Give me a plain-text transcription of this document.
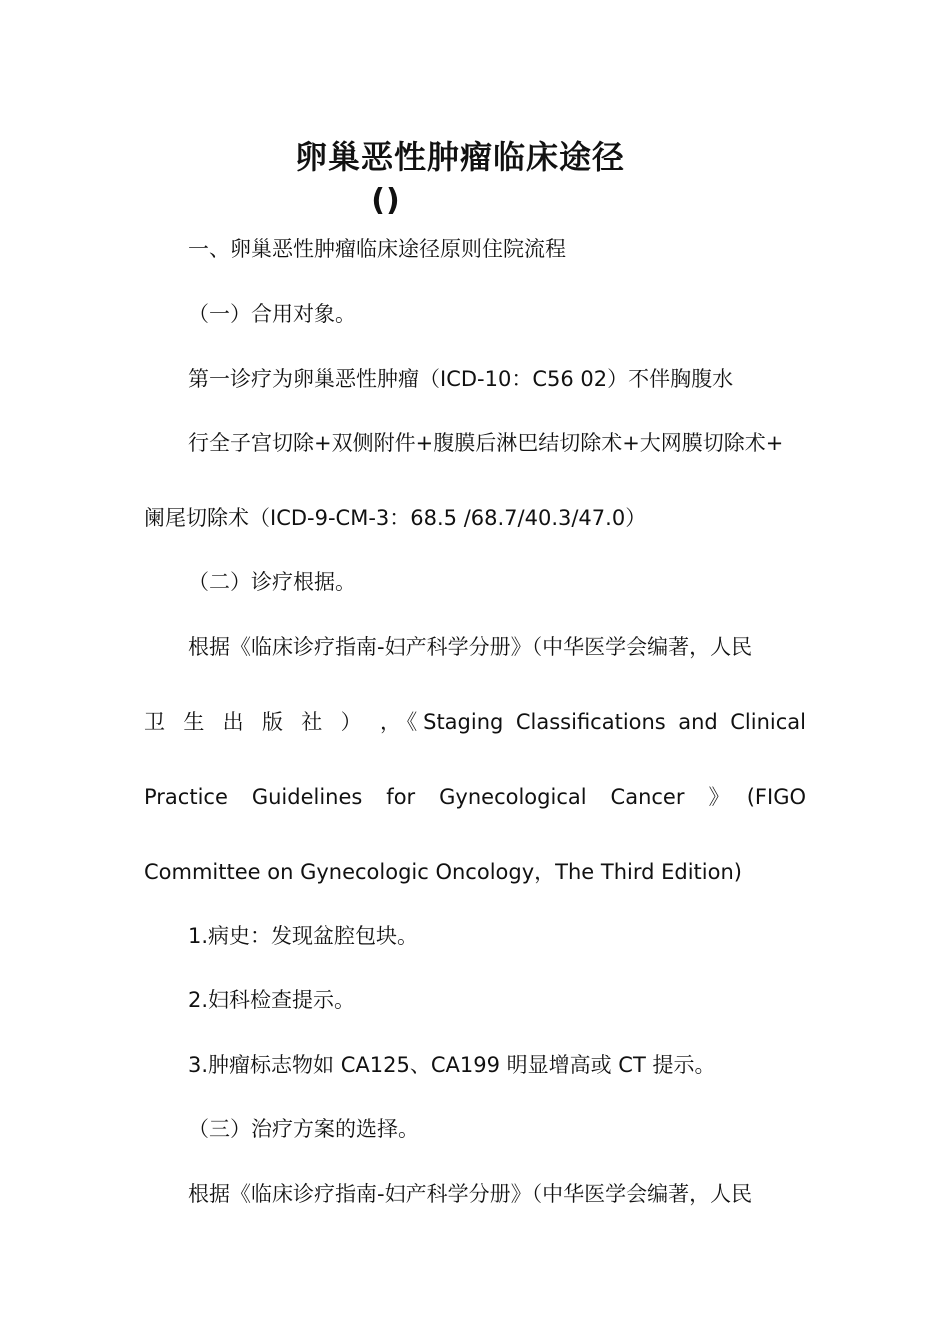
卵巢恶性肿瘤临床途径
()

一、卵巢恶性肿瘤临床途径原则住院流程

（一）合用对象。

第一诊疗为卵巢恶性肿瘤（ICD-10：C56 02）不伴胸腹水

行全子宫切除+双侧附件+腹膜后淋巴结切除术+大网膜切除术+

阑尾切除术（ICD-9-CM-3：68.5 /68.7/40.3/47.0）

（二）诊疗根据。

根据《临床诊疗指南-妇产科学分册》（中华医学会编著，人民

卫 生 出 版 社 ） ，《Staging Classifications and Clinical

Practice Guidelines for Gynecological Cancer 》(FIGO

Committee on Gynecologic Oncology，The Third Edition)

1.病史：发现盆腔包块。

2.妇科检查提示。

3.肿瘤标志物如 CA125、CA199 明显增高或 CT 提示。

（三）治疗方案的选择。

根据《临床诊疗指南-妇产科学分册》（中华医学会编著，人民
